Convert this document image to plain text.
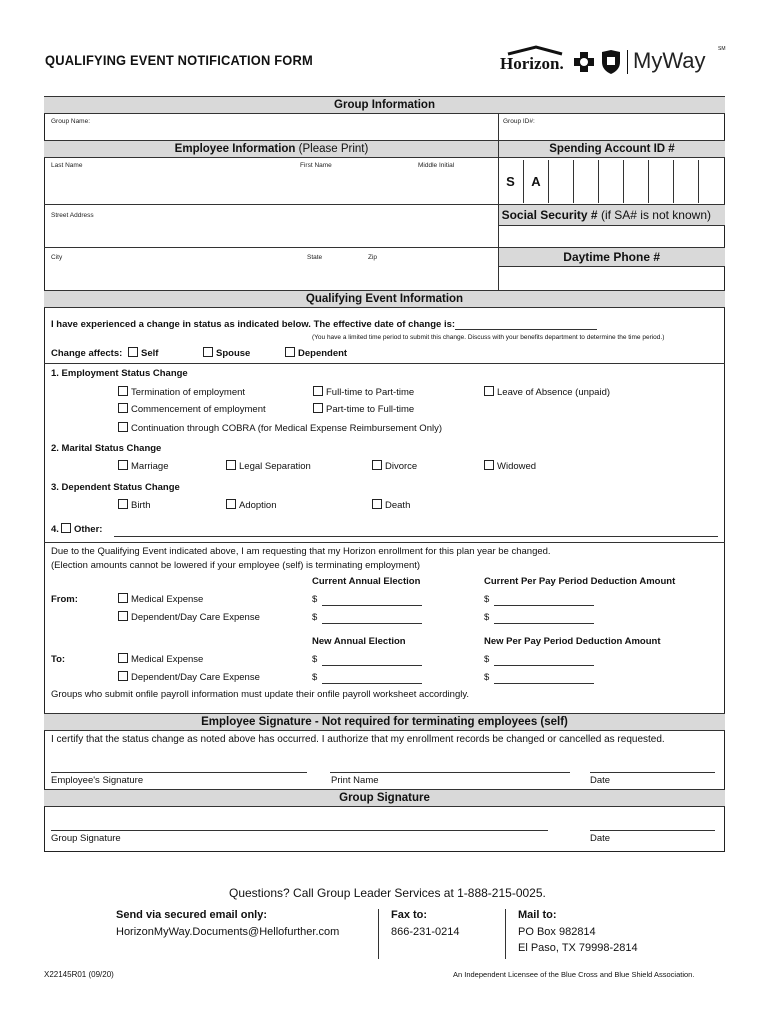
QUALIFYING EVENT NOTIFICATION FORM	Horizon.	MyWay SM
Group Information
Group Name:	Group ID#:
Employee Information (Please Print)	Spending Account ID #
Last Name	First Name	Middle Initial
S	A
Social Security # (if SA# is not known)
Street Address
Daytime Phone #
City	State	Zip
Qualifying Event Information
I have experienced a change in status as indicated below. The effective date of change is:
(You have a limited time period to submit this change. Discuss with your benefits department to determine the time period.)
Change affects:	Self	Spouse	Dependent
1. Employment Status Change
Termination of employment	Full-time to Part-time	Leave of Absence (unpaid)
Commencement of employment	Part-time to Full-time
Continuation through COBRA (for Medical Expense Reimbursement Only)
2. Marital Status Change
Marriage	Legal Separation	Divorce	Widowed
3. Dependent Status Change
Birth	Adoption	Death
4. Other:
Due to the Qualifying Event indicated above, I am requesting that my Horizon enrollment for this plan year be changed.
(Election amounts cannot be lowered if your employee (self) is terminating employment)
Current Annual Election	Current Per Pay Period Deduction Amount
From:	Medical Expense	$	$
Dependent/Day Care Expense	$	$
New Annual Election	New Per Pay Period Deduction Amount
To:	Medical Expense	$	$
Dependent/Day Care Expense	$	$
Groups who submit onfile payroll information must update their onfile payroll worksheet accordingly.
Employee Signature - Not required for terminating employees (self)
I certify that the status change as noted above has occurred. I authorize that my enrollment records be changed or cancelled as requested.
Employee's Signature	Print Name	Date
Group Signature
Group Signature	Date
Questions? Call Group Leader Services at 1-888-215-0025.
Send via secured email only:
HorizonMyWay.Documents@Hellofurther.com
Fax to:
866-231-0214
Mail to:
PO Box 982814
El Paso, TX 79998-2814
X22145R01 (09/20)	An Independent Licensee of the Blue Cross and Blue Shield Association.
